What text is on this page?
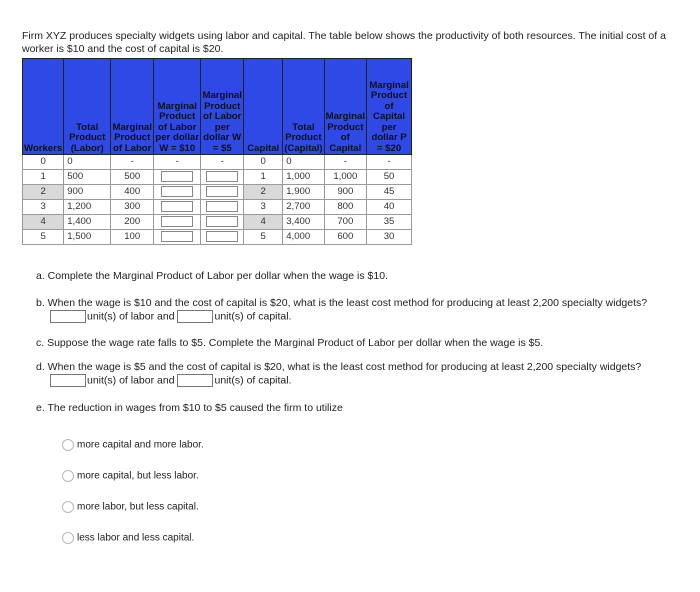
Firm XYZ produces specialty widgets using labor and capital. The table below shows the productivity of both resources. The initial cost of a worker is $10 and the cost of capital is $20.
Workers	Total Product (Labor)	Marginal Product of Labor	Marginal Product of Labor per dollar W = $10	Marginal Product of Labor per dollar W = $5	Capital	Total Product (Capital)	Marginal Product of Capital	Marginal Product of Capital per dollar P = $20
0	0	-	-	-	0	0	-	-
1	500	500			1	1,000	1,000	50
2	900	400			2	1,900	900	45
3	1,200	300			3	2,700	800	40
4	1,400	200			4	3,400	700	35
5	1,500	100			5	4,000	600	30
a. Complete the Marginal Product of Labor per dollar when the wage is $10.
b. When the wage is $10 and the cost of capital is $20, what is the least cost method for producing at least 2,200 specialty widgets?
unit(s) of labor and	unit(s) of capital.
c. Suppose the wage rate falls to $5. Complete the Marginal Product of Labor per dollar when the wage is $5.
d. When the wage is $5 and the cost of capital is $20, what is the least cost method for producing at least 2,200 specialty widgets?
unit(s) of labor and	unit(s) of capital.
e. The reduction in wages from $10 to $5 caused the firm to utilize
more capital and more labor.
more capital, but less labor.
more labor, but less capital.
less labor and less capital.
